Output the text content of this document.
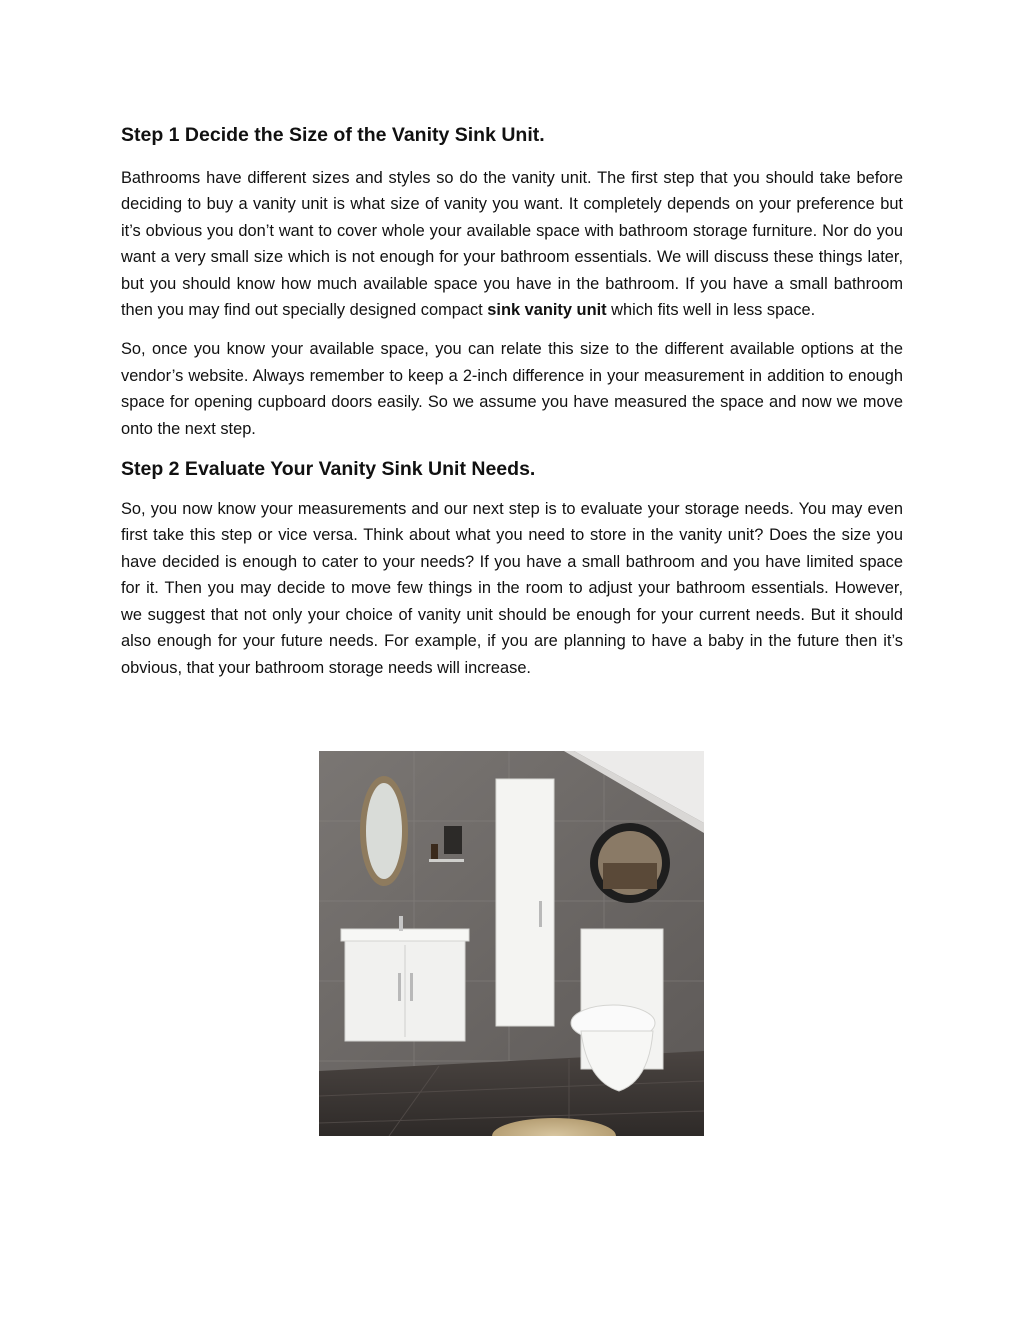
Step 1 Decide the Size of the Vanity Sink Unit.

Bathrooms have different sizes and styles so do the vanity unit. The first step that you should take before deciding to buy a vanity unit is what size of vanity you want. It completely depends on your preference but it’s obvious you don’t want to cover whole your available space with bathroom storage furniture. Nor do you want a very small size which is not enough for your bathroom essentials. We will discuss these things later, but you should know how much available space you have in the bathroom. If you have a small bathroom then you may find out specially designed compact sink vanity unit which fits well in less space.

So, once you know your available space, you can relate this size to the different available options at the vendor’s website. Always remember to keep a 2-inch difference in your measurement in addition to enough space for opening cupboard doors easily. So we assume you have measured the space and now we move onto the next step.

Step 2 Evaluate Your Vanity Sink Unit Needs.

So, you now know your measurements and our next step is to evaluate your storage needs. You may even first take this step or vice versa. Think about what you need to store in the vanity unit? Does the size you have decided is enough to cater to your needs? If you have a small bathroom and you have limited space for it. Then you may decide to move few things in the room to adjust your bathroom essentials. However, we suggest that not only your choice of vanity unit should be enough for your current needs. But it should also enough for your future needs. For example, if you are planning to have a baby in the future then it’s obvious, that your bathroom storage needs will increase.
